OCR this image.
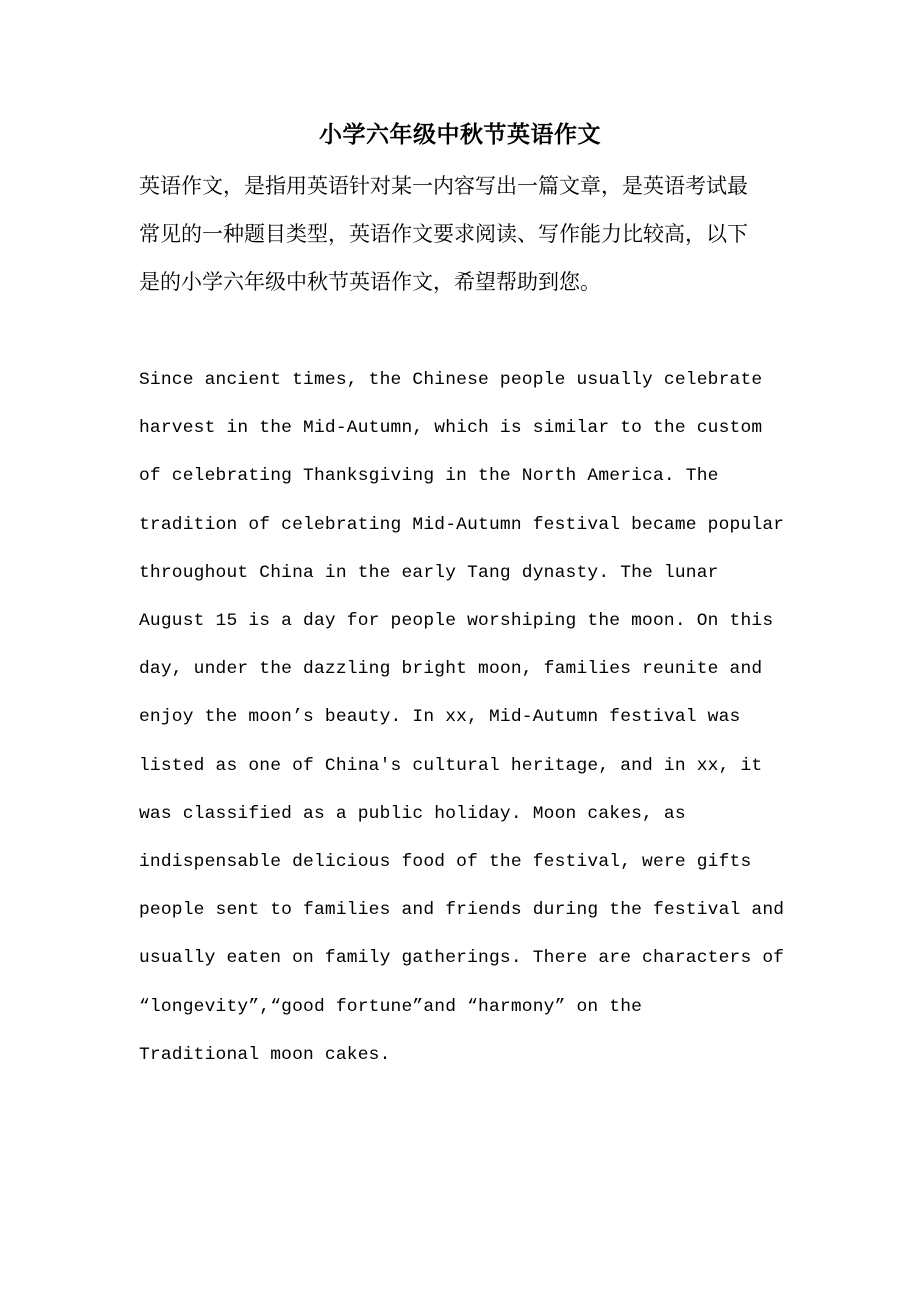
小学六年级中秋节英语作文

英语作文，是指用英语针对某一内容写出一篇文章，是英语考试最
常见的一种题目类型，英语作文要求阅读、写作能力比较高，以下
是的小学六年级中秋节英语作文，希望帮助到您。

Since ancient times, the Chinese people usually celebrate
harvest in the Mid-Autumn, which is similar to the custom
of celebrating Thanksgiving in the North America. The
tradition of celebrating Mid-Autumn festival became popular
throughout China in the early Tang dynasty. The lunar
August 15 is a day for people worshiping the moon. On this
day, under the dazzling bright moon, families reunite and
enjoy the moon’s beauty. In xx, Mid-Autumn festival was
listed as one of China's cultural heritage, and in xx, it
was classified as a public holiday. Moon cakes, as
indispensable delicious food of the festival, were gifts
people sent to families and friends during the festival and
usually eaten on family gatherings. There are characters of
“longevity”,“good fortune”and “harmony” on the
Traditional moon cakes.
